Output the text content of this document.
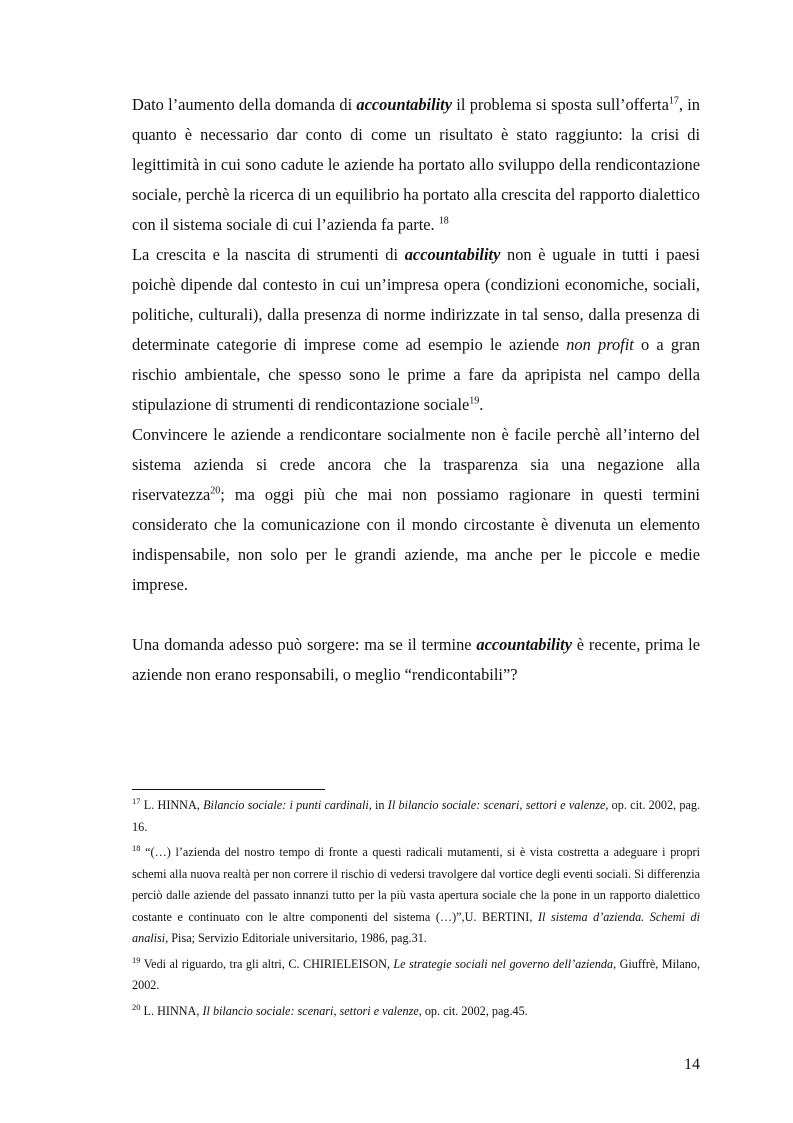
Dato l’aumento della domanda di accountability il problema si sposta sull’offerta$^{17}$, in quanto è necessario dar conto di come un risultato è stato raggiunto: la crisi di legittimità in cui sono cadute le aziende ha portato allo sviluppo della rendicontazione sociale, perchè la ricerca di un equilibrio ha portato alla crescita del rapporto dialettico con il sistema sociale di cui l’azienda fa parte. $^{18}$

La crescita e la nascita di strumenti di accountability non è uguale in tutti i paesi poichè dipende dal contesto in cui un’impresa opera (condizioni economiche, sociali, politiche, culturali), dalla presenza di norme indirizzate in tal senso, dalla presenza di determinate categorie di imprese come ad esempio le aziende non profit o a gran rischio ambientale, che spesso sono le prime a fare da apripista nel campo della stipulazione di strumenti di rendicontazione sociale$^{19}$.

Convincere le aziende a rendicontare socialmente non è facile perchè all’interno del sistema azienda si crede ancora che la trasparenza sia una negazione alla riservatezza$^{20}$; ma oggi più che mai non possiamo ragionare in questi termini considerato che la comunicazione con il mondo circostante è divenuta un elemento indispensabile, non solo per le grandi aziende, ma anche per le piccole e medie imprese.

Una domanda adesso può sorgere: ma se il termine accountability è recente, prima le aziende non erano responsabili, o meglio “rendicontabili”?

$^{17}$ L. HINNA, Bilancio sociale: i punti cardinali, in Il bilancio sociale: scenari, settori e valenze, op. cit. 2002, pag. 16.

$^{18}$ “(…) l’azienda del nostro tempo di fronte a questi radicali mutamenti, si è vista costretta a adeguare i propri schemi alla nuova realtà per non correre il rischio di vedersi travolgere dal vortice degli eventi sociali. Si differenzia perciò dalle aziende del passato innanzi tutto per la più vasta apertura sociale che la pone in un rapporto dialettico costante e continuato con le altre componenti del sistema (…)”,U. BERTINI, Il sistema d’azienda. Schemi di analisi, Pisa; Servizio Editoriale universitario, 1986, pag.31.

$^{19}$ Vedi al riguardo, tra gli altri, C. CHIRIELEISON, Le strategie sociali nel governo dell’azienda, Giuffrè, Milano, 2002.

$^{20}$ L. HINNA, Il bilancio sociale: scenari, settori e valenze, op. cit. 2002, pag.45.

14
